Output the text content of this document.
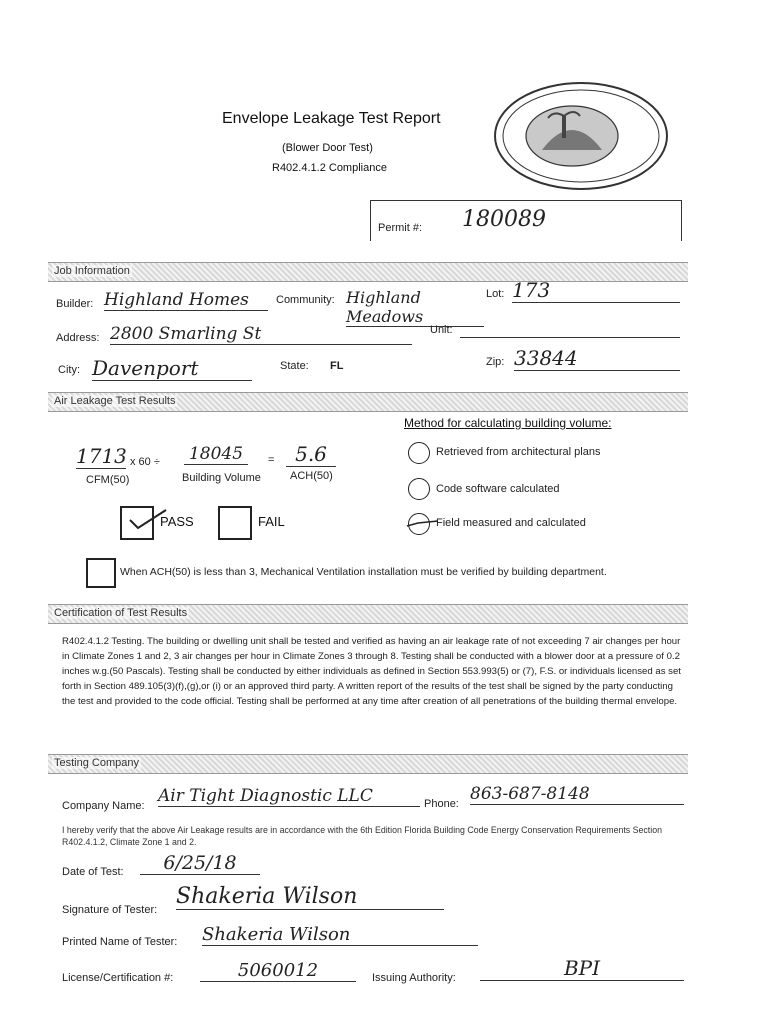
Envelope Leakage Test Report
(Blower Door Test)
R402.4.1.2 Compliance
Permit #: 180089
Job Information
Builder: Highland Homes	Community: Highland Meadows
Lot: 173
Address: 2800 Smarling St	Unit:
City: Davenport	State: FL	Zip: 33844
Air Leakage Test Results
1713 x 60 ÷ 18045	=	5.6
CFM(50)	Building Volume	ACH(50)
Method for calculating building volume:
Retrieved from architectural plans
Code software calculated
Field measured and calculated
PASS	FAIL
When ACH(50) is less than 3, Mechanical Ventilation installation must be verified by building department.
Certification of Test Results
R402.4.1.2 Testing. The building or dwelling unit shall be tested and verified as having an air leakage rate of not exceeding 7 air changes per hour in Climate Zones 1 and 2, 3 air changes per hour in Climate Zones 3 through 8. Testing shall be conducted with a blower door at a pressure of 0.2 inches w.g.(50 Pascals). Testing shall be conducted by either individuals as defined in Section 553.993(5) or (7), F.S. or individuals licensed as set forth in Section 489.105(3)(f),(g),or (i) or an approved third party. A written report of the results of the test shall be signed by the party conducting the test and provided to the code official. Testing shall be performed at any time after creation of all penetrations of the building thermal envelope.
Testing Company
Company Name: Air Tight Diagnostic LLC	Phone: 863-687-8148
I hereby verify that the above Air Leakage results are in accordance with the 6th Edition Florida Building Code Energy Conservation Requirements Section R402.4.1.2, Climate Zone 1 and 2.
Date of Test:	6/25/18
Signature of Tester:
Shakeria Wilson
Printed Name of Tester: Shakeria Wilson
License/Certification #:	5060012	Issuing Authority:	BPI
